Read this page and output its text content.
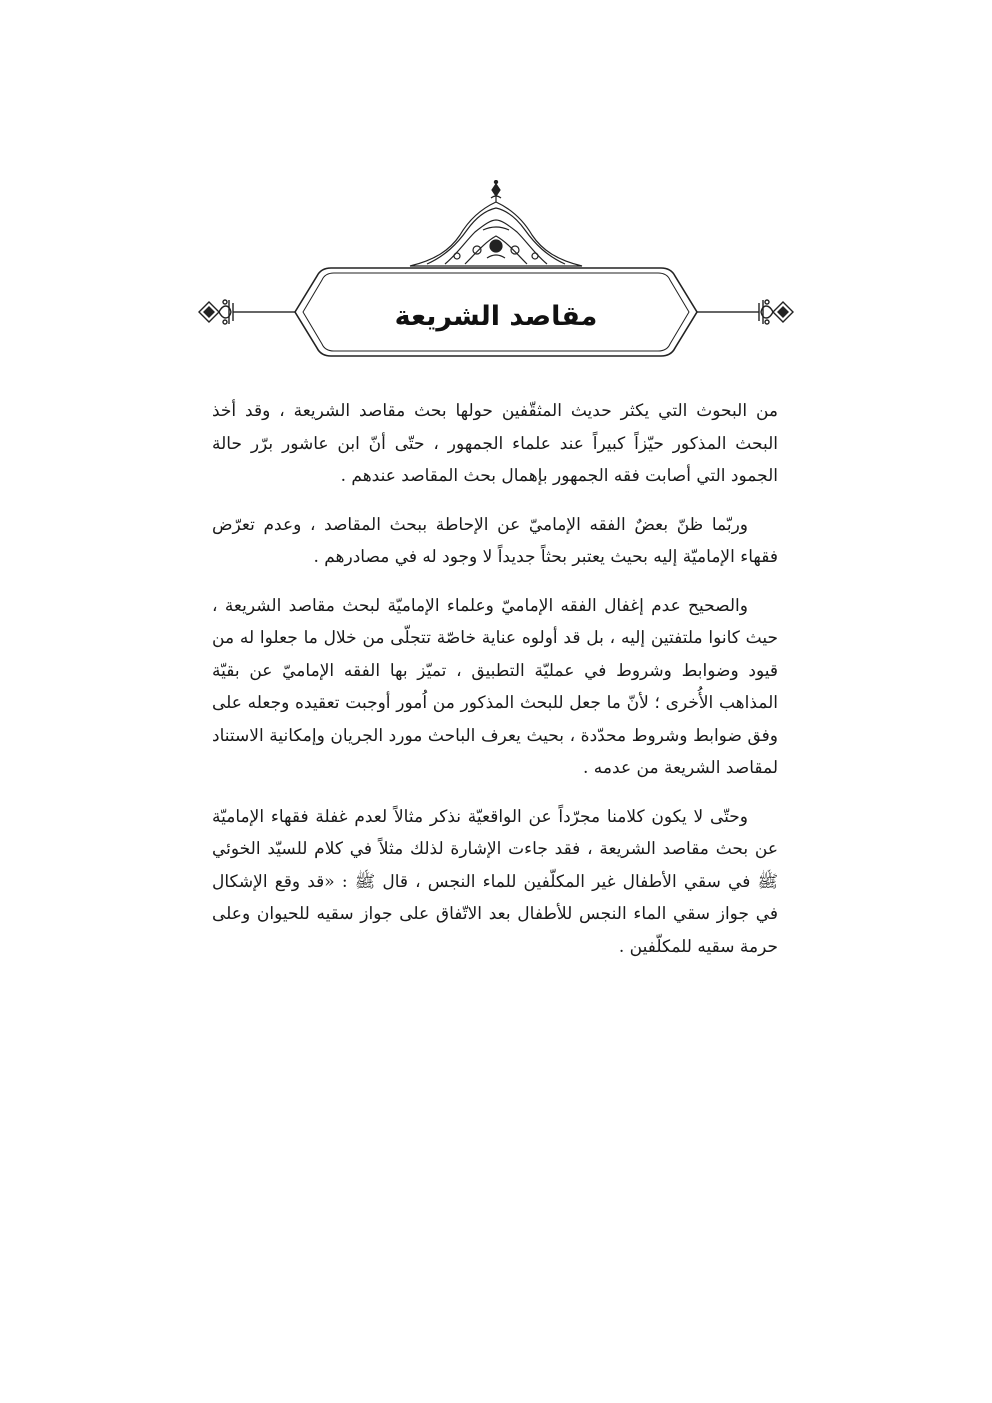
مقاصد الشريعة

من البحوث التي يكثر حديث المثقّفين حولها بحث مقاصد الشريعة ، وقد أخذ البحث المذكور حيّزاً كبيراً عند علماء الجمهور ، حتّى أنّ ابن عاشور برّر حالة الجمود التي أصابت فقه الجمهور بإهمال بحث المقاصد عندهم .

وربّما ظنّ بعضٌ الفقه الإماميّ عن الإحاطة ببحث المقاصد ، وعدم تعرّض فقهاء الإماميّة إليه بحيث يعتبر بحثاً جديداً لا وجود له في مصادرهم .

والصحيح عدم إغفال الفقه الإماميّ وعلماء الإماميّة لبحث مقاصد الشريعة ، حيث كانوا ملتفتين إليه ، بل قد أولوه عناية خاصّة تتجلّى من خلال ما جعلوا له من قيود وضوابط وشروط في عمليّة التطبيق ، تميّز بها الفقه الإماميّ عن بقيّة المذاهب الأُخرى ؛ لأنّ ما جعل للبحث المذكور من اُمور أوجبت تعقيده وجعله على وفق ضوابط وشروط محدّدة ، بحيث يعرف الباحث مورد الجريان وإمكانية الاستناد لمقاصد الشريعة من عدمه .

وحتّى لا يكون كلامنا مجرّداً عن الواقعيّة نذكر مثالاً لعدم غفلة فقهاء الإماميّة عن بحث مقاصد الشريعة ، فقد جاءت الإشارة لذلك مثلاً في كلام للسيّد الخوئي ﷺ في سقي الأطفال غير المكلّفين للماء النجس ، قال ﷺ : «قد وقع الإشكال في جواز سقي الماء النجس للأطفال بعد الاتّفاق على جواز سقيه للحيوان وعلى حرمة سقيه للمكلّفين .
